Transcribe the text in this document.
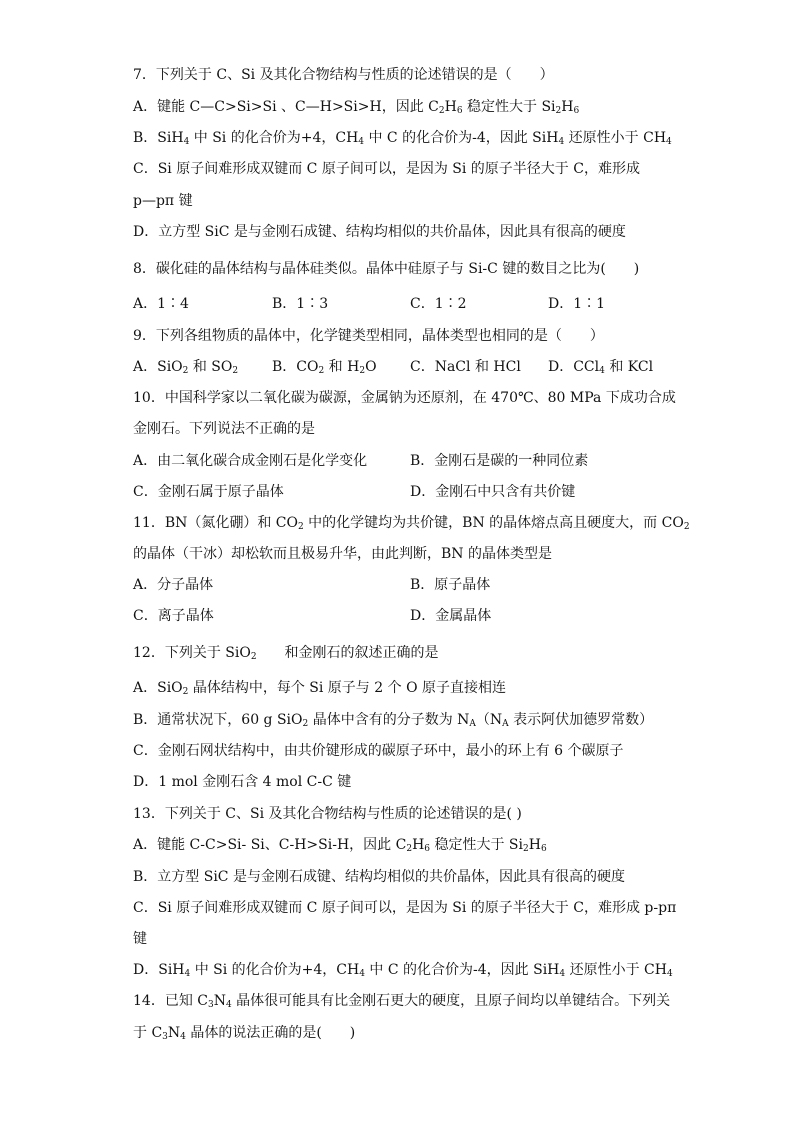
7．下列关于 C、Si 及其化合物结构与性质的论述错误的是（　　）
A．键能 C—C>Si>Si 、C—H>Si>H，因此 $C_2H_6$ 稳定性大于 $Si_2H_6$
B．SiH$_4$ 中 Si 的化合价为+4，$CH_4$ 中 C 的化合价为-4，因此 SiH$_4$ 还原性小于 $CH_4$
C．Si 原子间难形成双键而 C 原子间可以，是因为 Si 的原子半径大于 C，难形成
p—pπ 键
D．立方型 SiC 是与金刚石成键、结构均相似的共价晶体，因此具有很高的硬度
8．碳化硅的晶体结构与晶体硅类似。晶体中硅原子与 Si-C 键的数目之比为(　　)
A．1∶4	B．1∶3	C．1∶2	D．1∶1
9．下列各组物质的晶体中，化学键类型相同，晶体类型也相同的是（　　）
A．SiO$_2$ 和 $SO_2$ B．$CO_2$ 和 $H_2O$ C．NaCl 和 HCl D．CCl$_4$ 和 KCl
10．中国科学家以二氧化碳为碳源，金属钠为还原剂，在 470℃、80 MPa 下成功合成
金刚石。下列说法不正确的是
A．由二氧化碳合成金刚石是化学变化	B．金刚石是碳的一种同位素
C．金刚石属于原子晶体	D．金刚石中只含有共价键
11．BN（氮化硼）和 $CO_2$ 中的化学键均为共价键，BN 的晶体熔点高且硬度大，而 $CO_2$
的晶体（干冰）却松软而且极易升华，由此判断，BN 的晶体类型是
A．分子晶体	B．原子晶体
C．离子晶体	D．金属晶体
12．下列关于 SiO$_2$　　和金刚石的叙述正确的是
A．SiO$_2$ 晶体结构中，每个 Si 原子与 2 个 O 原子直接相连
B．通常状况下，60 g SiO$_2$ 晶体中含有的分子数为 $N_A(N_A$ 表示阿伏加德罗常数）
C．金刚石网状结构中，由共价键形成的碳原子环中，最小的环上有 6 个碳原子
D．1 mol 金刚石含 4 mol C-C 键
13．下列关于 C、Si 及其化合物结构与性质的论述错误的是( )
A．键能 C-C>Si- Si、C-H>Si-H，因此 $C_2H_6$ 稳定性大于 $Si_2H_6$
B．立方型 SiC 是与金刚石成键、结构均相似的共价晶体，因此具有很高的硬度
C．Si 原子间难形成双键而 C 原子间可以，是因为 Si 的原子半径大于 C，难形成 p-pπ
键
D．SiH$_4$ 中 Si 的化合价为+4，$CH_4$ 中 C 的化合价为-4，因此 SiH$_4$ 还原性小于 $CH_4$
14．已知 $C_3N_4$ 晶体很可能具有比金刚石更大的硬度，且原子间均以单键结合。下列关
于 $C_3N_4$ 晶体的说法正确的是(　　)
